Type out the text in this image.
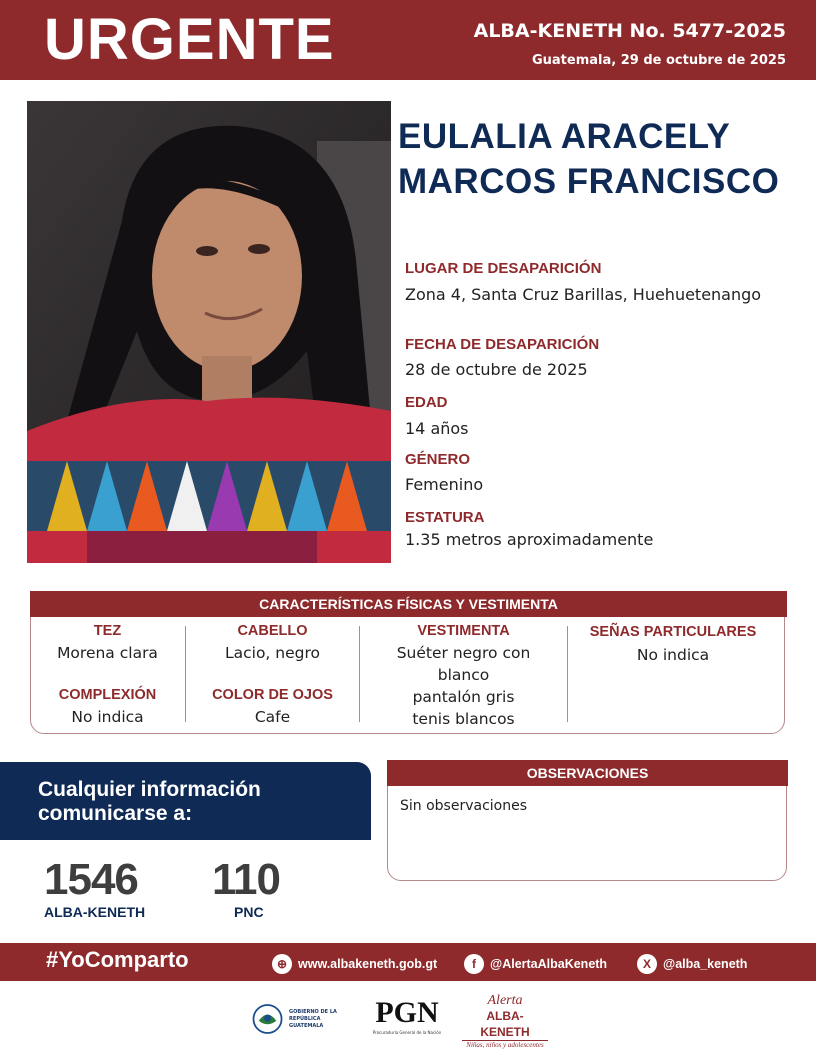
URGENTE	ALBA-KENETH No. 5477-2025
Guatemala, 29 de octubre de 2025
EULALIA ARACELY
MARCOS FRANCISCO
LUGAR DE DESAPARICIÓN
Zona 4, Santa Cruz Barillas, Huehuetenango
FECHA DE DESAPARICIÓN
28 de octubre de 2025
EDAD
14 años
GÉNERO
Femenino
ESTATURA
1.35 metros aproximadamente
CARACTERÍSTICAS FÍSICAS Y VESTIMENTA
TEZ
Morena clara
COMPLEXIÓN
No indica
CABELLO
Lacio, negro
COLOR DE OJOS
Cafe
VESTIMENTA
Suéter negro con
blanco
pantalón gris
tenis blancos
SEÑAS PARTICULARES
No indica
Cualquier información
comunicarse a:
1546
ALBA-KENETH
110
PNC
OBSERVACIONES
Sin observaciones
#YoComparto	⊕ www.albakeneth.gob.gt	f	@AlertaAlbaKeneth	X @alba_keneth
GOBIERNO DE LA REPÚBLICA
GUATEMALA	PGN
Procuraduría General de la Nación
Alerta
ALBA-KENETH
Niñas, niños y adolescentes
